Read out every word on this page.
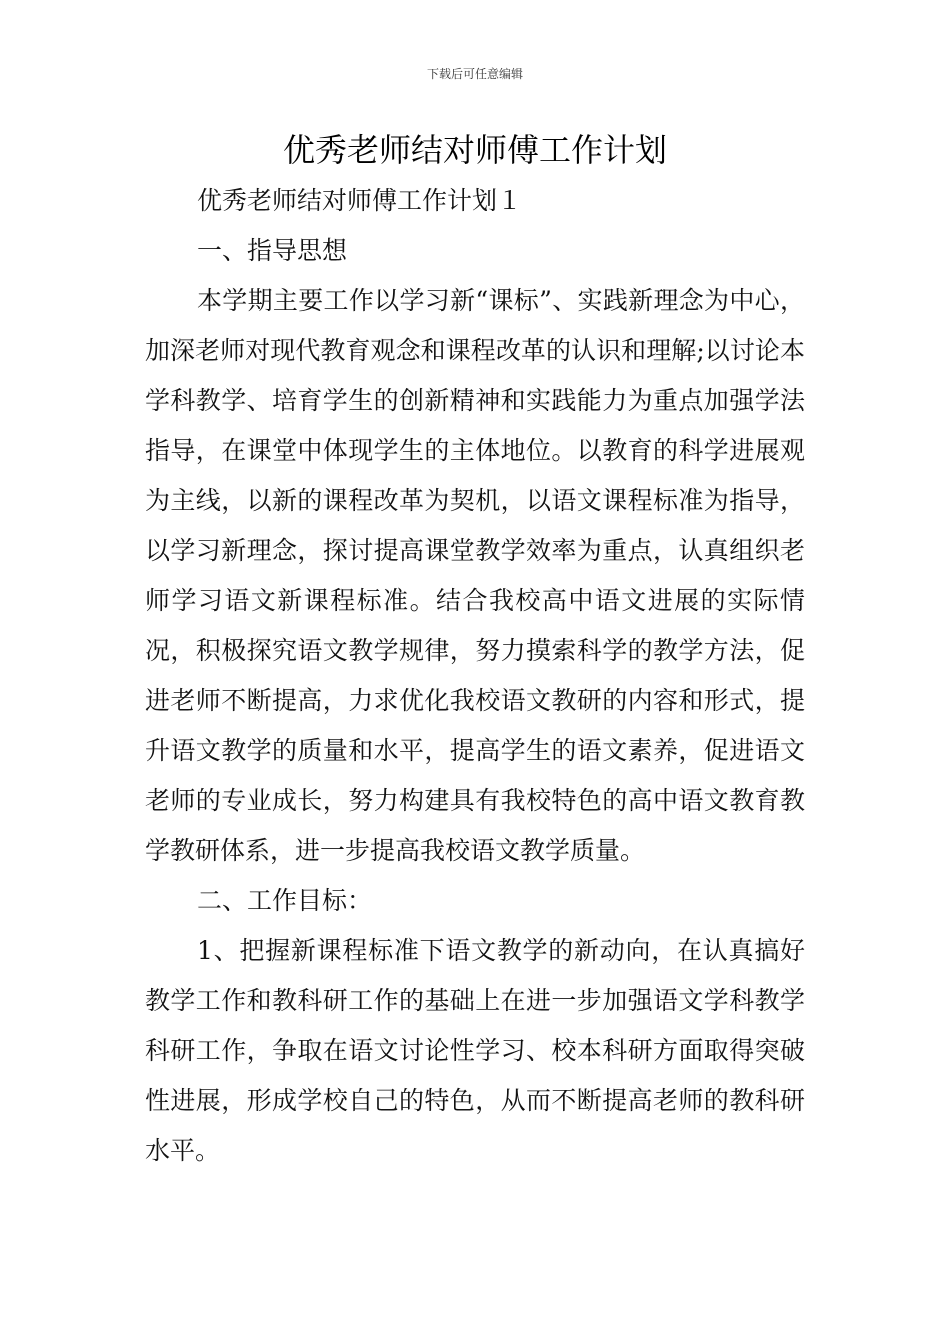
下载后可任意编辑
优秀老师结对师傅工作计划

优秀老师结对师傅工作计划１

一、指导思想

本学期主要工作以学习新“课标”、实践新理念为中心，加深老师对现代教育观念和课程改革的认识和理解;以讨论本学科教学、培育学生的创新精神和实践能力为重点加强学法指导，在课堂中体现学生的主体地位。以教育的科学进展观为主线，以新的课程改革为契机，以语文课程标准为指导，以学习新理念，探讨提高课堂教学效率为重点，认真组织老师学习语文新课程标准。结合我校高中语文进展的实际情况，积极探究语文教学规律，努力摸索科学的教学方法，促进老师不断提高，力求优化我校语文教研的内容和形式，提升语文教学的质量和水平，提高学生的语文素养，促进语文老师的专业成长，努力构建具有我校特色的高中语文教育教学教研体系，进一步提高我校语文教学质量。

二、工作目标：

1、把握新课程标准下语文教学的新动向，在认真搞好教学工作和教科研工作的基础上在进一步加强语文学科教学科研工作，争取在语文讨论性学习、校本科研方面取得突破性进展，形成学校自己的特色，从而不断提高老师的教科研水平。
